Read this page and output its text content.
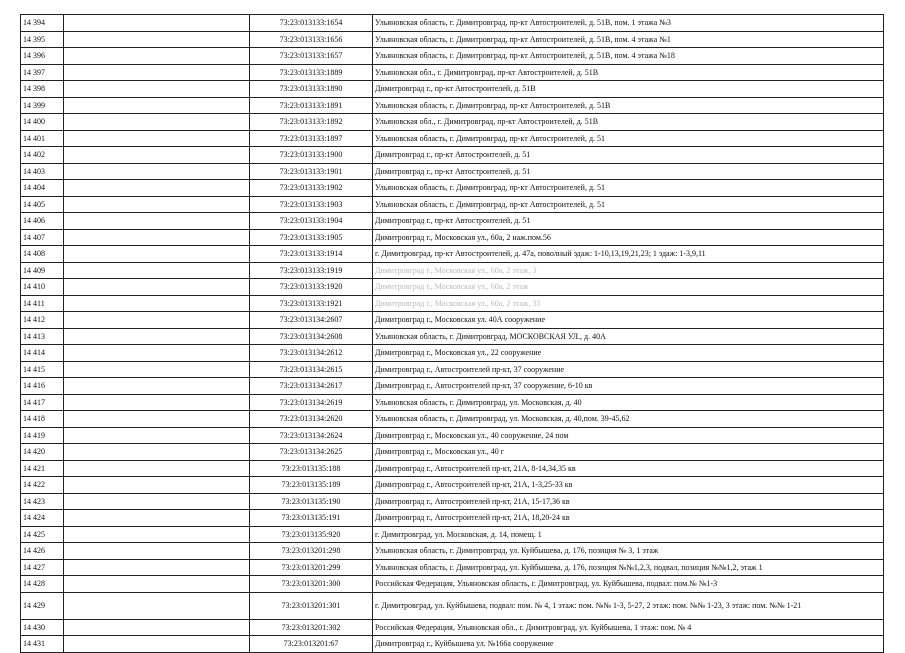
14 394		73:23:013133:1654	Ульяновская область, г. Димитровград, пр-кт Автостроителей, д. 51В, пом. 1 этажа №3
14 395		73:23:013133:1656	Ульяновская область, г. Димитровград, пр-кт Автостроителей, д. 51В, пом. 4 этажа №1
14 396		73:23:013133:1657	Ульяновская область, г. Димитровград, пр-кт Автостроителей, д. 51В, пом. 4 этажа №18
14 397		73:23:013133:1889	Ульяновская обл., г. Димитровград, пр-кт Автостроителей, д. 51В
14 398		73:23:013133:1890	Димитровград г., пр-кт Автостроителей, д. 51В
14 399		73:23:013133:1891	Ульяновская область, г. Димитровград, пр-кт Автостроителей, д. 51В
14 400		73:23:013133:1892	Ульяновская обл., г. Димитровград, пр-кт Автостроителей, д. 51В
14 401		73:23:013133:1897	Ульяновская область, г. Димитровград, пр-кт Автостроителей, д. 51
14 402		73:23:013133:1900	Димитровград г., пр-кт Автостроителей, д. 51
14 403		73:23:013133:1901	Димитровград г., пр-кт Автостроителей, д. 51
14 404		73:23:013133:1902	Ульяновская область, г. Димитровград, пр-кт Автостроителей, д. 51
14 405		73:23:013133:1903	Ульяновская область, г. Димитровград, пр-кт Автостроителей, д. 51
14 406		73:23:013133:1904	Димитровград г., пр-кт Автостроителей, д. 51
14 407		73:23:013133:1905	Димитровград г., Московская ул., 60а, 2 наж.пом.56
14 408		73:23:013133:1914	г. Димитровград, пр-кт Автостроителей, д. 47а, поволный эдаж: 1-10,13,19,21,23; 1 эдаж: 1-3,9,11
14 409		73:23:013133:1919	Димитровград г., Московская ул., 60а, 2 этаж, 3
14 410		73:23:013133:1920	Димитровград г., Московская ул., 60а, 2 этаж
14 411		73:23:013133:1921	Димитровград г., Московская ул., 60а, 2 этаж, 35
14 412		73:23:013134:2607	Димитровград г., Московская ул. 40А сооружение
14 413		73:23:013134:2608	Ульяновская область, г. Димитровград, МОСКОВСКАЯ УЛ., д. 40А
14 414		73:23:013134:2612	Димитровград г., Московская ул., 22 сооружение
14 415		73:23:013134:2615	Димитровград г., Автостроителей пр-кт, 37 сооружение
14 416		73:23:013134:2617	Димитровград г., Автостроителей пр-кт, 37 сооружение, 6-10 кв
14 417		73:23:013134:2619	Ульяновская область, г. Димитровград, ул. Московская, д. 40
14 418		73:23:013134:2620	Ульяновская область, г. Димитровград, ул. Московская, д. 40,пом. 39-45,62
14 419		73:23:013134:2624	Димитровград г., Московская ул., 40 сооружение, 24 пом
14 420		73:23:013134:2625	Димитровград г., Московская ул., 40 г
14 421		73:23:013135:188	Димитровград г., Автостроителей пр-кт, 21А, 8-14,34,35 кв
14 422		73:23:013135:189	Димитровград г., Автостроителей пр-кт, 21А, 1-3,25-33 кв
14 423		73:23:013135:190	Димитровград г., Автостроителей пр-кт, 21А, 15-17,36 кв
14 424		73:23:013135:191	Димитровград г., Автостроителей пр-кт, 21А, 18,20-24 кв
14 425		73:23:013135:920	г. Димитровград, ул. Московская, д. 14, помещ. 1
14 426		73:23:013201:298	Ульяновская область, г. Димитровград, ул. Куйбышева, д. 176, позиция № 3, 1 этаж
14 427		73:23:013201:299	Ульяновская область, г. Димитровград, ул. Куйбышева, д. 176, позиция №№1,2,3, подвал, позиция №№1,2, этаж 1
14 428		73:23:013201:300	Российская Федерация, Ульяновская область, г. Димитровград, ул. Куйбышева, подвал: пом.№ №1-3
14 429		73:23:013201:301	г. Димитровград, ул. Куйбышева, подвал: пом. № 4, 1 этаж: пом. №№ 1-3, 5-27, 2 этаж: пом. №№ 1-23, 3 этаж: пом. №№ 1-21
14 430		73:23:013201:302	Российская Федерация, Ульяновская обл., г. Димитровград, ул. Куйбышева, 1 этаж: пом. № 4
14 431		73:23:013201:67	Димитровград г., Куйбышева ул. №166а сооружение
